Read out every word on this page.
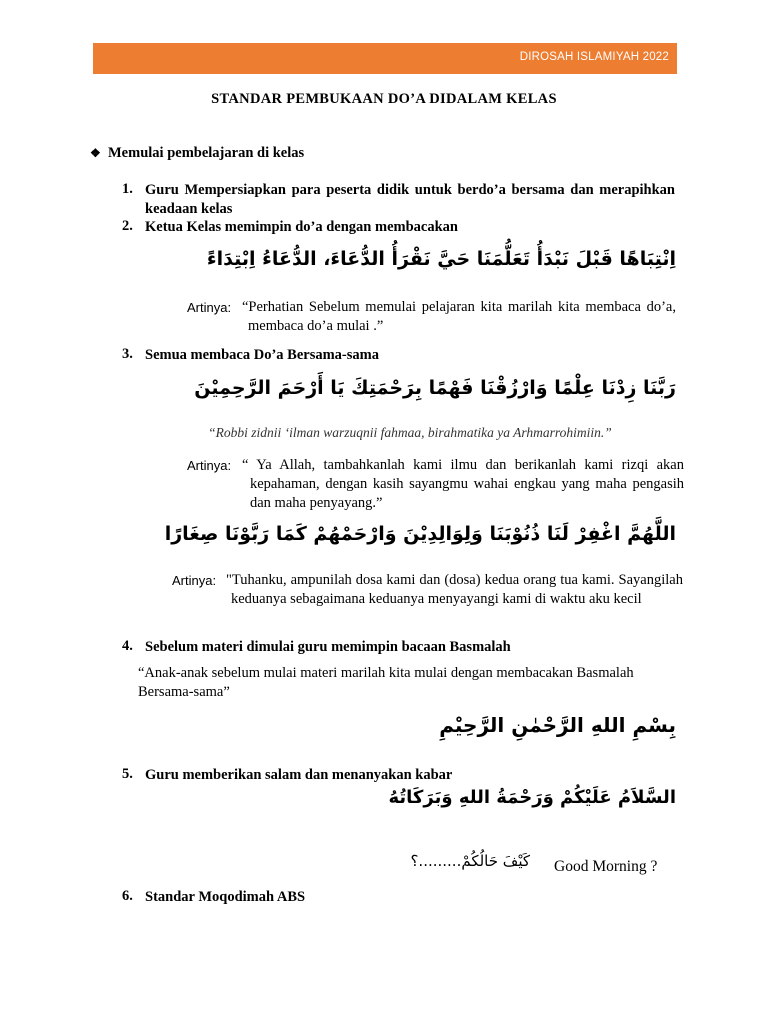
DIROSAH ISLAMIYAH 2022
STANDAR PEMBUKAAN DO’A DIDALAM KELAS
❖ Memulai pembelajaran di kelas
1. Guru Mempersiapkan para peserta didik untuk berdo’a bersama dan merapihkan keadaan kelas
2. Ketua Kelas memimpin do’a dengan membacakan
اِنْتِبَاهًا قَبْلَ نَبْدَأُ تَعَلُّمَنَا حَيَّ نَقْرَأُ الدُّعَاءَ، الدُّعَاءُ اِبْتِدَاءً
Artinya: “Perhatian Sebelum memulai pelajaran kita marilah kita membaca do’a, membaca do’a mulai .”
3. Semua membaca Do’a Bersama-sama
رَبَّنَا زِدْنَا عِلْمًا وَارْزُقْنَا فَهْمًا بِرَحْمَتِكَ يَا أَرْحَمَ الرَّحِمِيْنَ
“Robbi zidnii ‘ilman warzuqnii fahmaa, birahmatika ya Arhmarrohimiin.”
Artinya: “ Ya Allah, tambahkanlah kami ilmu dan berikanlah kami rizqi akan kepahaman, dengan kasih sayangmu wahai engkau yang maha pengasih dan maha penyayang.”
اللَّهُمَّ اغْفِرْ لَنَا ذُنُوْبَنَا وَلِوَالِدِيْنَ وَارْحَمْهُمْ كَمَا رَبَّوْنَا صِغَارًا
Artinya: "Tuhanku, ampunilah dosa kami dan (dosa) kedua orang tua kami. Sayangilah keduanya sebagaimana keduanya menyayangi kami di waktu aku kecil
4. Sebelum materi dimulai guru memimpin bacaan Basmalah
“Anak-anak sebelum mulai materi marilah kita mulai dengan membacakan Basmalah Bersama-sama”
بِسْمِ اللهِ الرَّحْمٰنِ الرَّحِيْمِ
5. Guru memberikan salam dan menanyakan kabar
السَّلاَمُ عَلَيْكُمْ وَرَحْمَةُ اللهِ وَبَرَكَاتُهُ
كَيْفَ حَالُكُمْ.........؟ Good Morning ?
6. Standar Moqodimah ABS
